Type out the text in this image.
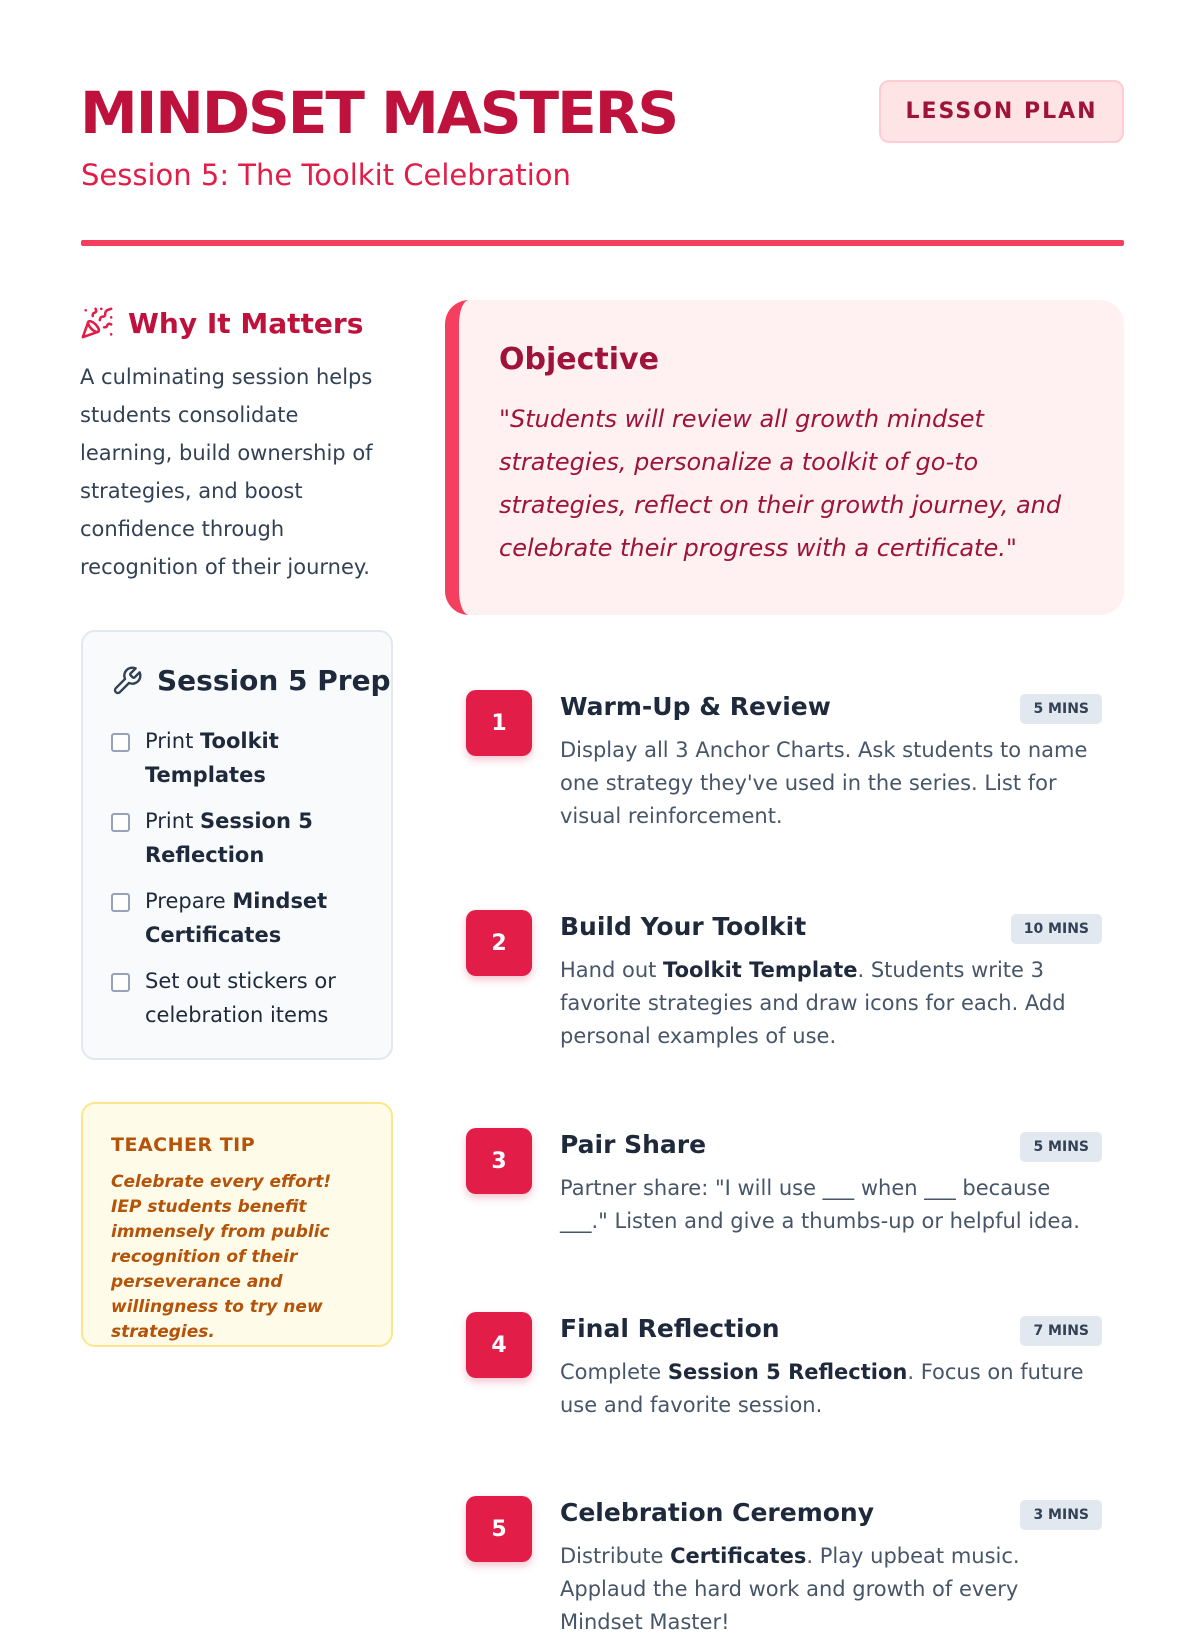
MINDSET MASTERS
Session 5: The Toolkit Celebration
LESSON PLAN
Why It Matters

A culminating session helps students consolidate learning, build ownership of strategies, and boost confidence through recognition of their journey.

Session 5 Prep
Print Toolkit Templates
Print Session 5 Reflection
Prepare Mindset Certificates
Set out stickers or celebration items
TEACHER TIP

Celebrate every effort! IEP students benefit immensely from public recognition of their perseverance and willingness to try new strategies.

Objective

"Students will review all growth mindset strategies, personalize a toolkit of go-to strategies, reflect on their growth journey, and celebrate their progress with a certificate."

1
Warm-Up & Review	5 MINS

Display all 3 Anchor Charts. Ask students to name one strategy they've used in the series. List for visual reinforcement.

2
Build Your Toolkit	10 MINS

Hand out Toolkit Template. Students write 3 favorite strategies and draw icons for each. Add personal examples of use.

3
Pair Share	5 MINS

Partner share: "I will use ___ when ___ because ___." Listen and give a thumbs-up or helpful idea.

4
Final Reflection	7 MINS

Complete Session 5 Reflection. Focus on future use and favorite session.

5
Celebration Ceremony	3 MINS

Distribute Certificates. Play upbeat music. Applaud the hard work and growth of every Mindset Master!
